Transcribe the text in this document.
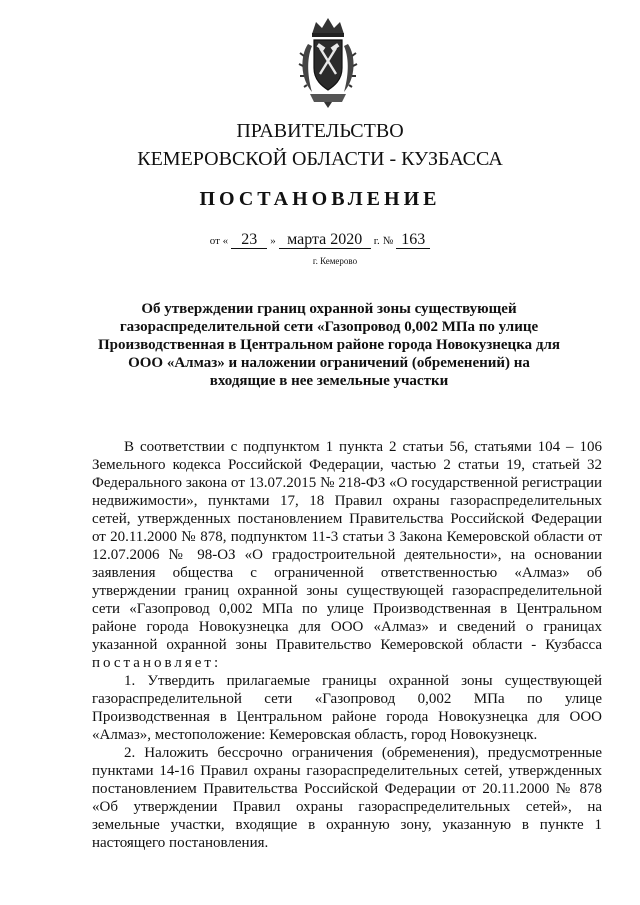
ПРАВИТЕЛЬСТВО
КЕМЕРОВСКОЙ ОБЛАСТИ - КУЗБАССА
ПОСТАНОВЛЕНИЕ
от « 23 » марта 2020 г. № 163
г. Кемерово
Об утверждении границ охранной зоны существующей газораспределительной сети «Газопровод 0,002 МПа по улице Производственная в Центральном районе города Новокузнецка для ООО «Алмаз» и наложении ограничений (обременений) на входящие в нее земельные участки

В соответствии с подпунктом 1 пункта 2 статьи 56, статьями 104 – 106 Земельного кодекса Российской Федерации, частью 2 статьи 19, статьей 32 Федерального закона от 13.07.2015 № 218-ФЗ «О государственной регистрации недвижимости», пунктами 17, 18 Правил охраны газораспределительных сетей, утвержденных постановлением Правительства Российской Федерации от 20.11.2000 № 878, подпунктом 11-3 статьи 3 Закона Кемеровской области от 12.07.2006 № 98-ОЗ «О градостроительной деятельности», на основании заявления общества с ограниченной ответственностью «Алмаз» об утверждении границ охранной зоны существующей газораспределительной сети «Газопровод 0,002 МПа по улице Производственная в Центральном районе города Новокузнецка для ООО «Алмаз» и сведений о границах указанной охранной зоны Правительство Кемеровской области - Кузбасса постановляет:

1. Утвердить прилагаемые границы охранной зоны существующей газораспределительной сети «Газопровод 0,002 МПа по улице Производственная в Центральном районе города Новокузнецка для ООО «Алмаз», местоположение: Кемеровская область, город Новокузнецк.

2. Наложить бессрочно ограничения (обременения), предусмотренные пунктами 14-16 Правил охраны газораспределительных сетей, утвержденных постановлением Правительства Российской Федерации от 20.11.2000 № 878 «Об утверждении Правил охраны газораспределительных сетей», на земельные участки, входящие в охранную зону, указанную в пункте 1 настоящего постановления.
